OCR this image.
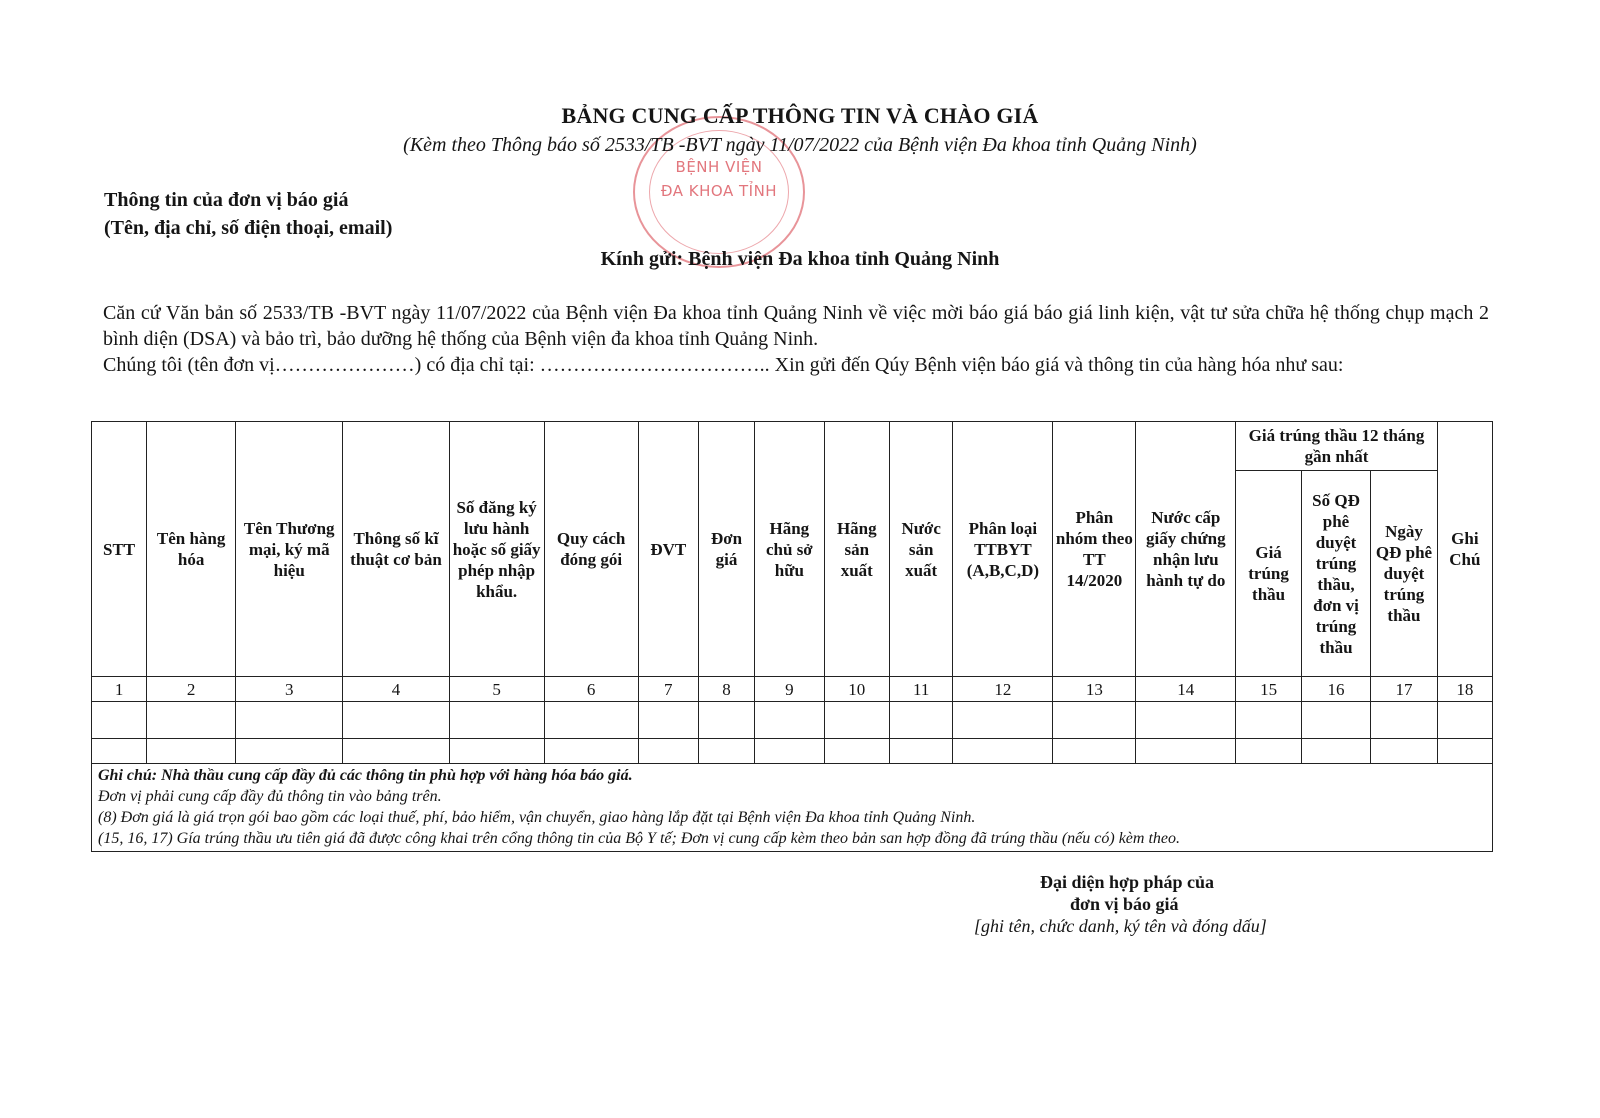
BỆNH VIỆN
ĐA KHOA TỈNH
BẢNG CUNG CẤP THÔNG TIN VÀ CHÀO GIÁ
(Kèm theo Thông báo số 2533/TB -BVT ngày 11/07/2022 của Bệnh viện Đa khoa tỉnh Quảng Ninh)
Thông tin của đơn vị báo giá
(Tên, địa chỉ, số điện thoại, email)
Kính gửi: Bệnh viện Đa khoa tỉnh Quảng Ninh

Căn cứ Văn bản số 2533/TB -BVT ngày 11/07/2022 của Bệnh viện Đa khoa tỉnh Quảng Ninh về việc mời báo giá báo giá linh kiện, vật tư sửa chữa hệ thống chụp mạch 2 bình diện (DSA) và bảo trì, bảo dưỡng hệ thống của Bệnh viện đa khoa tỉnh Quảng Ninh.

Chúng tôi (tên đơn vị…………………) có địa chỉ tại: …………………………….. Xin gửi đến Qúy Bệnh viện báo giá và thông tin của hàng hóa như sau:

STT	Tên hàng hóa	Tên Thương mại, ký mã hiệu	Thông số kĩ thuật cơ bản	Số đăng ký lưu hành hoặc số giấy phép nhập khẩu.	Quy cách đóng gói	ĐVT	Đơn giá	Hãng chủ sở hữu	Hãng sản xuất	Nước sản xuất	Phân loại TTBYT (A,B,C,D)	Phân nhóm theo TT 14/2020	Nước cấp giấy chứng nhận lưu hành tự do	Giá trúng thầu 12 tháng gần nhất			Ghi Chú
														Giá trúng thầu	Số QĐ phê duyệt trúng thầu, đơn vị trúng thầu	Ngày QĐ phê duyệt trúng thầu	
1	2	3	4	5	6	7	8	9	10	11	12	13	14	15	16	17	18

Ghi chú: Nhà thầu cung cấp đầy đủ các thông tin phù hợp với hàng hóa báo giá.
Đơn vị phải cung cấp đầy đủ thông tin vào bảng trên.
(8) Đơn giá là giá trọn gói bao gồm các loại thuế, phí, bảo hiểm, vận chuyển, giao hàng lắp đặt tại Bệnh viện Đa khoa tỉnh Quảng Ninh.
(15, 16, 17) Gía trúng thầu ưu tiên giá đã được công khai trên cổng thông tin của Bộ Y tế; Đơn vị cung cấp kèm theo bản san hợp đồng đã trúng thầu (nếu có) kèm theo.																	
Đại diện hợp pháp của
đơn vị báo giá
[ghi tên, chức danh, ký tên và đóng dấu]
